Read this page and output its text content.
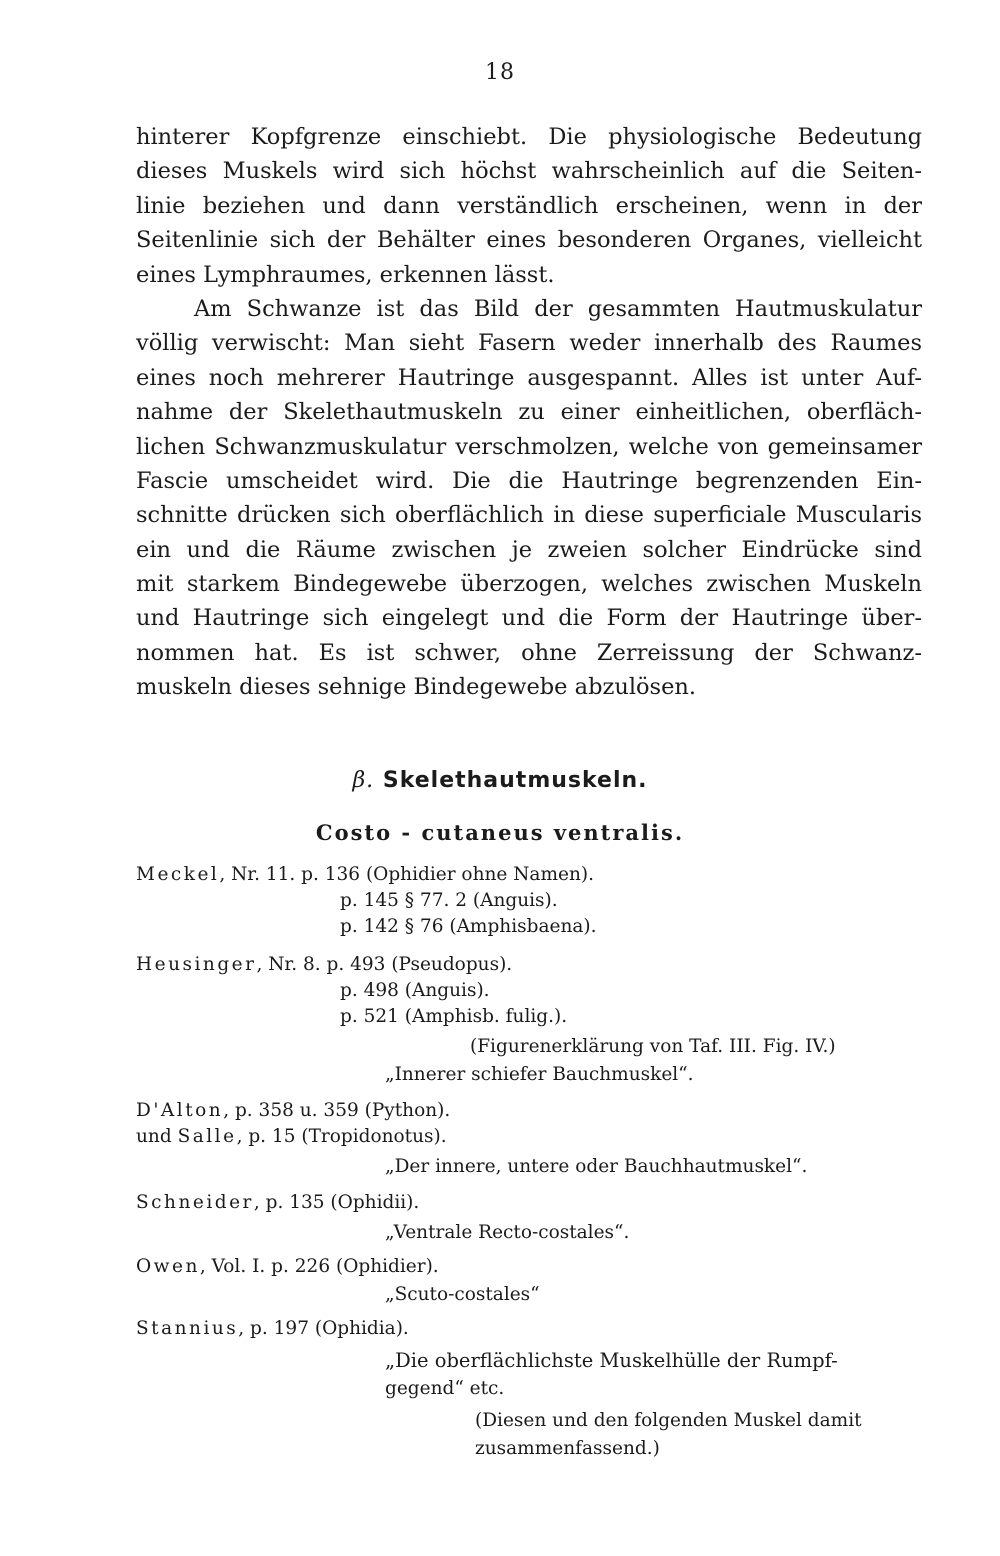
18
hinterer Kopfgrenze einschiebt. Die physiologische Bedeutung
dieses Muskels wird sich höchst wahrscheinlich auf die Seiten-
linie beziehen und dann verständlich erscheinen, wenn in der
Seitenlinie sich der Behälter eines besonderen Organes, vielleicht
eines Lymphraumes, erkennen lässt.
Am Schwanze ist das Bild der gesammten Hautmuskulatur
völlig verwischt: Man sieht Fasern weder innerhalb des Raumes
eines noch mehrerer Hautringe ausgespannt. Alles ist unter Auf-
nahme der Skelethautmuskeln zu einer einheitlichen, oberfläch-
lichen Schwanzmuskulatur verschmolzen, welche von gemeinsamer
Fascie umscheidet wird. Die die Hautringe begrenzenden Ein-
schnitte drücken sich oberflächlich in diese superficiale Muscularis
ein und die Räume zwischen je zweien solcher Eindrücke sind
mit starkem Bindegewebe überzogen, welches zwischen Muskeln
und Hautringe sich eingelegt und die Form der Hautringe über-
nommen hat. Es ist schwer, ohne Zerreissung der Schwanz-
muskeln dieses sehnige Bindegewebe abzulösen.
β. Skelethautmuskeln.
Costo - cutaneus ventralis.
Meckel, Nr. 11. p. 136 (Ophidier ohne Namen).
p. 145 § 77. 2 (Anguis).
p. 142 § 76 (Amphisbaena).
Heusinger, Nr. 8. p. 493 (Pseudopus).
p. 498 (Anguis).
p. 521 (Amphisb. fulig.).
(Figurenerklärung von Taf. III. Fig. IV.)
„Innerer schiefer Bauchmuskel“.
D'Alton, p. 358 u. 359 (Python).
und Salle, p. 15 (Tropidonotus).
„Der innere, untere oder Bauchhautmuskel“.
Schneider, p. 135 (Ophidii).
„Ventrale Recto-costales“.
Owen, Vol. I. p. 226 (Ophidier).
„Scuto-costales“
Stannius, p. 197 (Ophidia).
„Die oberflächlichste Muskelhülle der Rumpf-
gegend“ etc.
(Diesen und den folgenden Muskel damit
zusammenfassend.)
